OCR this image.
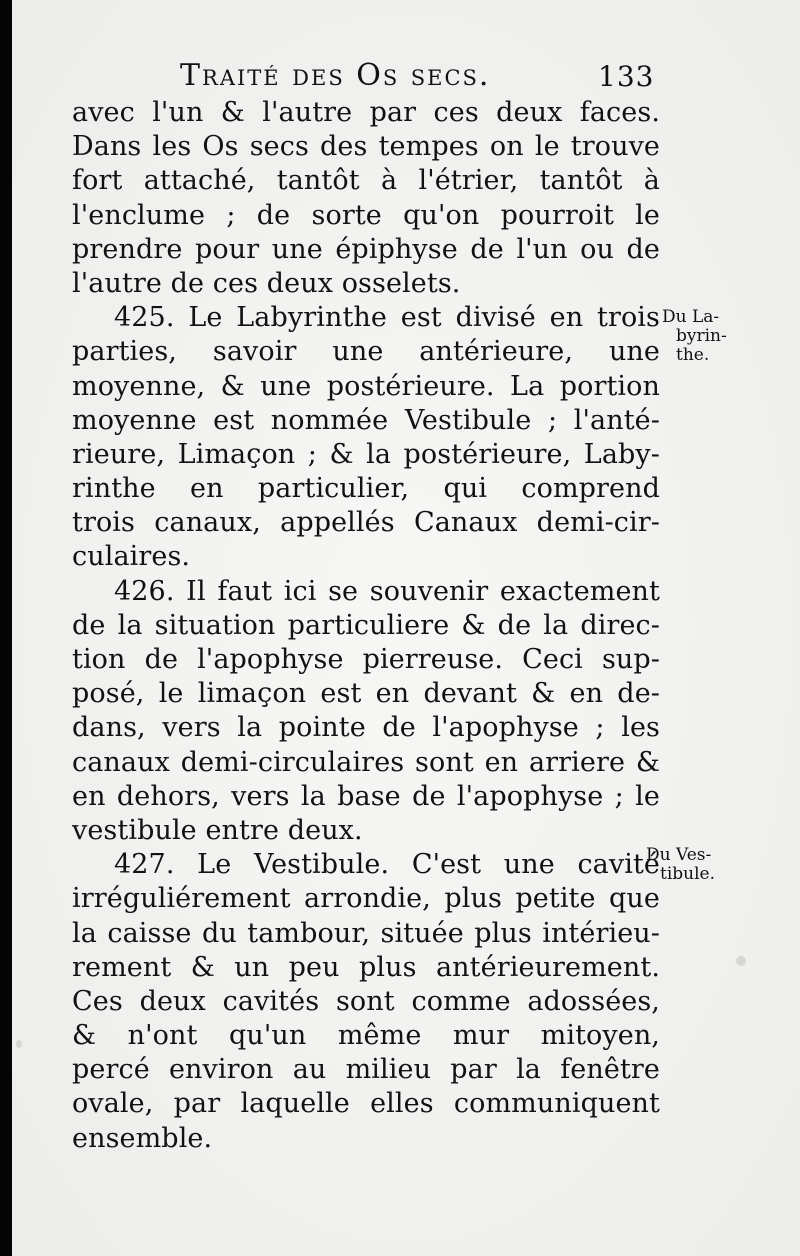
Traité des Os secs.	133
avec l'un & l'autre par ces deux faces.
Dans les Os secs des tempes on le trouve
fort attaché, tantôt à l'étrier, tantôt à
l'enclume ; de sorte qu'on pourroit le
prendre pour une épiphyse de l'un ou de
l'autre de ces deux osselets.
425. Le Labyrinthe est divisé en trois
parties, savoir une antérieure, une
moyenne, & une postérieure. La portion
moyenne est nommée Vestibule ; l'anté-
rieure, Limaçon ; & la postérieure, Laby-
rinthe en particulier, qui comprend
trois canaux, appellés Canaux demi-cir-
culaires.
426. Il faut ici se souvenir exactement
de la situation particuliere & de la direc-
tion de l'apophyse pierreuse. Ceci sup-
posé, le limaçon est en devant & en de-
dans, vers la pointe de l'apophyse ; les
canaux demi-circulaires sont en arriere &
en dehors, vers la base de l'apophyse ; le
vestibule entre deux.
427. Le Vestibule. C'est une cavité
irréguliérement arrondie, plus petite que
la caisse du tambour, située plus intérieu-
rement & un peu plus antérieurement.
Ces deux cavités sont comme adossées,
& n'ont qu'un même mur mitoyen,
percé environ au milieu par la fenêtre
ovale, par laquelle elles communiquent
ensemble.
Du La-
byrin-
the.
Du Ves-
tibule.
